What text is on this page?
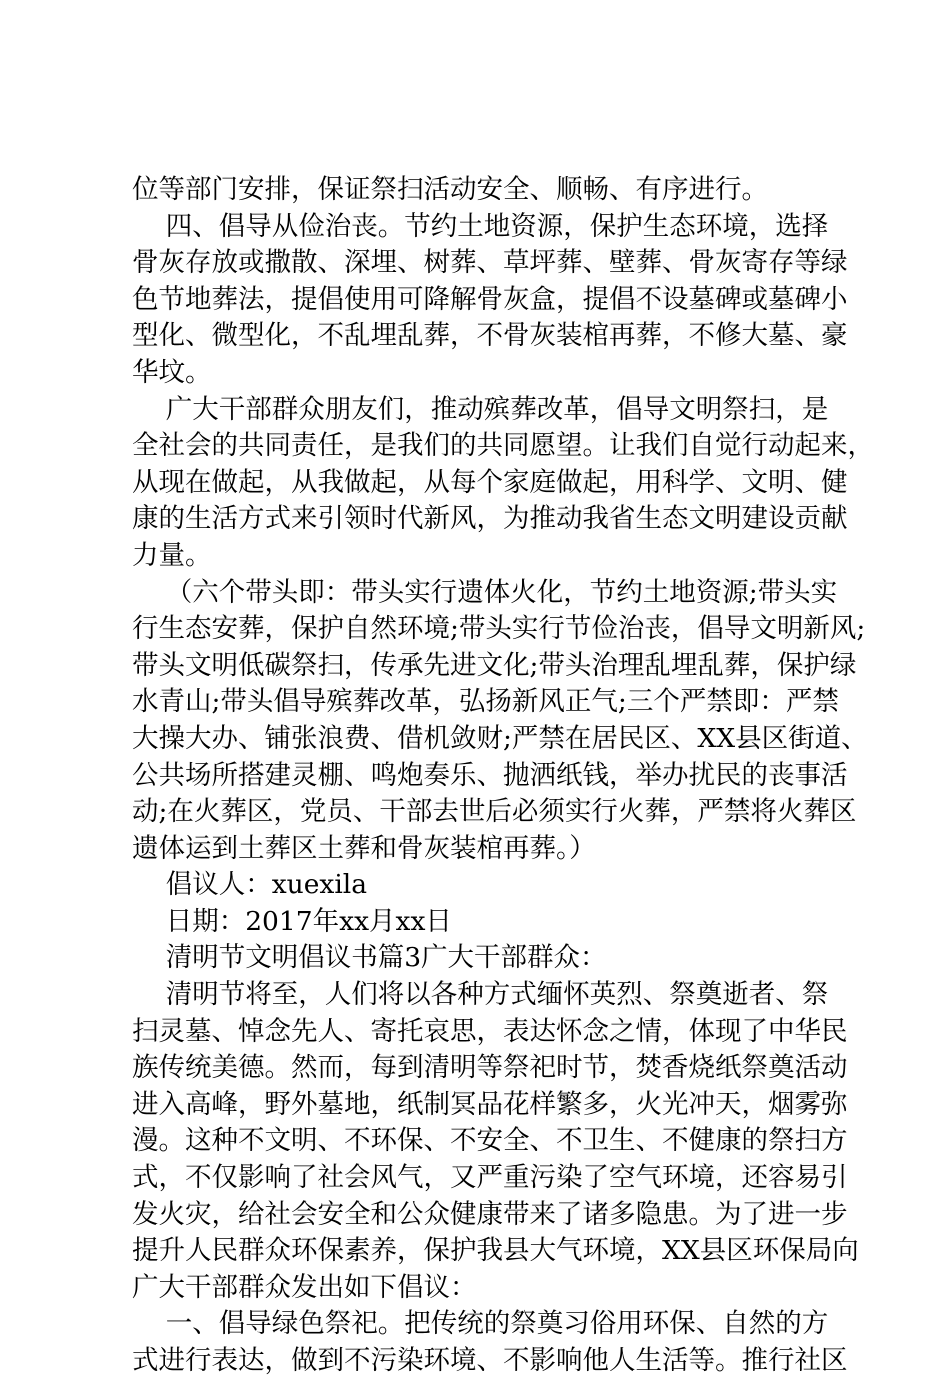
位等部门安排，保证祭扫活动安全、顺畅、有序进行。
四、倡导从俭治丧。节约土地资源，保护生态环境，选择
骨灰存放或撒散、深埋、树葬、草坪葬、壁葬、骨灰寄存等绿
色节地葬法，提倡使用可降解骨灰盒，提倡不设墓碑或墓碑小
型化、微型化，不乱埋乱葬，不骨灰装棺再葬，不修大墓、豪
华坟。
广大干部群众朋友们，推动殡葬改革，倡导文明祭扫，是
全社会的共同责任，是我们的共同愿望。让我们自觉行动起来，
从现在做起，从我做起，从每个家庭做起，用科学、文明、健
康的生活方式来引领时代新风，为推动我省生态文明建设贡献
力量。
（六个带头即：带头实行遗体火化，节约土地资源;带头实
行生态安葬，保护自然环境;带头实行节俭治丧，倡导文明新风;
带头文明低碳祭扫，传承先进文化;带头治理乱埋乱葬，保护绿
水青山;带头倡导殡葬改革，弘扬新风正气;三个严禁即：严禁
大操大办、铺张浪费、借机敛财;严禁在居民区、XX县区街道、
公共场所搭建灵棚、鸣炮奏乐、抛洒纸钱，举办扰民的丧事活
动;在火葬区，党员、干部去世后必须实行火葬，严禁将火葬区
遗体运到土葬区土葬和骨灰装棺再葬。）
倡议人：xuexila
日期：2017年xx月xx日
清明节文明倡议书篇3广大干部群众：
清明节将至，人们将以各种方式缅怀英烈、祭奠逝者、祭
扫灵墓、悼念先人、寄托哀思，表达怀念之情，体现了中华民
族传统美德。然而，每到清明等祭祀时节，焚香烧纸祭奠活动
进入高峰，野外墓地，纸制冥品花样繁多，火光冲天，烟雾弥
漫。这种不文明、不环保、不安全、不卫生、不健康的祭扫方
式，不仅影响了社会风气，又严重污染了空气环境，还容易引
发火灾，给社会安全和公众健康带来了诸多隐患。为了进一步
提升人民群众环保素养，保护我县大气环境，XX县区环保局向
广大干部群众发出如下倡议：
一、倡导绿色祭祀。把传统的祭奠习俗用环保、自然的方
式进行表达，做到不污染环境、不影响他人生活等。推行社区
